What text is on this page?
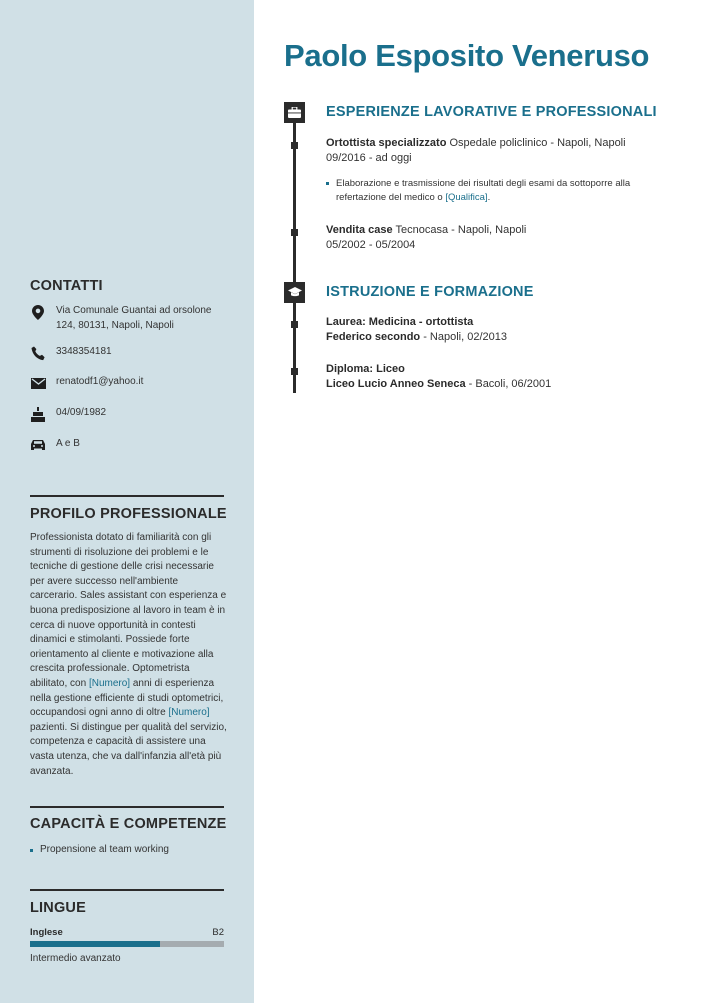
CONTATTI
Via Comunale Guantai ad orsolone 124, 80131, Napoli, Napoli
3348354181
renatodf1@yahoo.it
04/09/1982
A e B
PROFILO PROFESSIONALE
Professionista dotato di familiarità con gli strumenti di risoluzione dei problemi e le tecniche di gestione delle crisi necessarie per avere successo nell'ambiente carcerario. Sales assistant con esperienza e buona predisposizione al lavoro in team è in cerca di nuove opportunità in contesti dinamici e stimolanti. Possiede forte orientamento al cliente e motivazione alla crescita professionale. Optometrista abilitato, con [Numero] anni di esperienza nella gestione efficiente di studi optometrici, occupandosi ogni anno di oltre [Numero] pazienti. Si distingue per qualità del servizio, competenza e capacità di assistere una vasta utenza, che va dall'infanzia all'età più avanzata.
CAPACITÀ E COMPETENZE
Propensione al team working
LINGUE
Inglese	B2
Intermedio avanzato
Paolo Esposito Veneruso
ESPERIENZE LAVORATIVE E PROFESSIONALI
Ortottista specializzato Ospedale policlinico - Napoli, Napoli
09/2016 - ad oggi
Elaborazione e trasmissione dei risultati degli esami da sottoporre alla refertazione del medico o [Qualifica].
Vendita case Tecnocasa - Napoli, Napoli
05/2002 - 05/2004
ISTRUZIONE E FORMAZIONE
Laurea: Medicina - ortottista
Federico secondo - Napoli, 02/2013
Diploma: Liceo
Liceo Lucio Anneo Seneca - Bacoli, 06/2001
